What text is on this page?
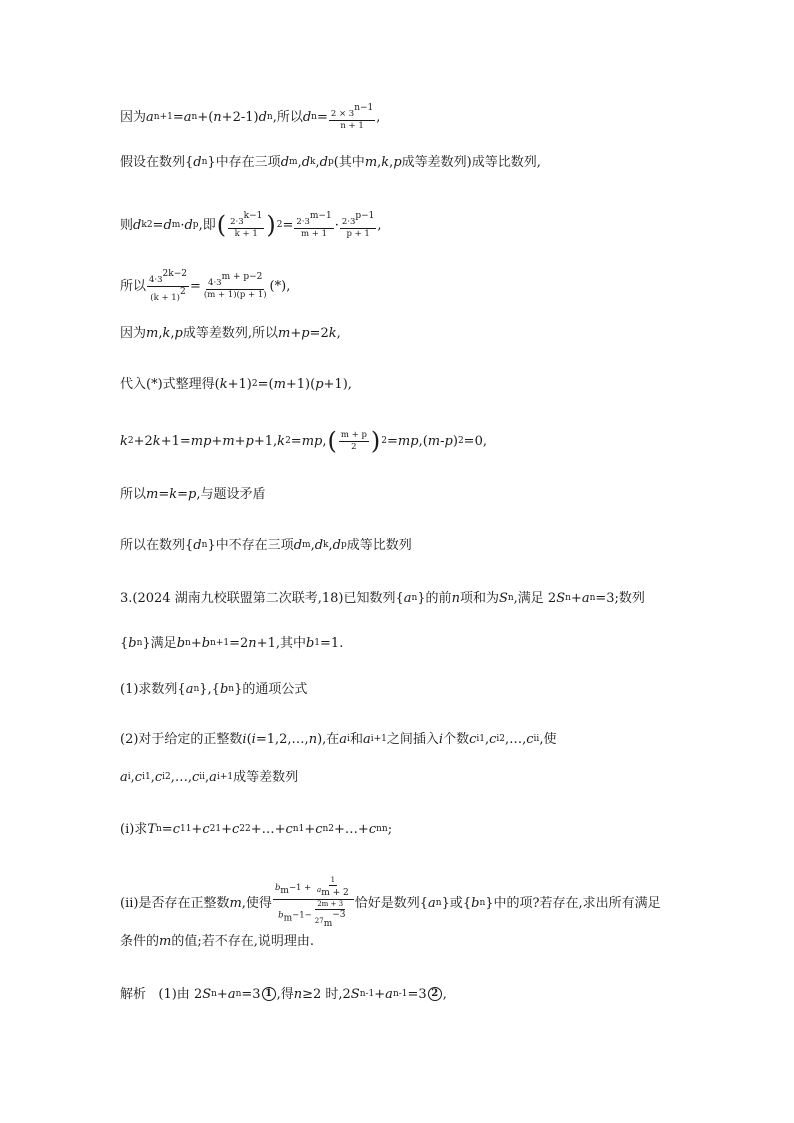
因为 a n+1 = a n +( n +2-1) d n ,所以 d $n = \frac{2 \times 3n-1}{n + 1}$ ,
假设在数列{ d n }中存在三项 d m , d k , d p (其中 m , k , p 成等差数列)成等比数列,
则 d k 2 = d m · d p ,即 ( $\frac{2\cdot 3k-1}{k + 1}$ ) $2 = \frac{2\cdot 3m-1}{m + 1} \cdot \frac{2\cdot 3p-1}{p + 1}$ ,
所以 $\frac{4\cdot 32k-2}{(k + 1)2} = \frac{4\cdot 3m + p-2}{(m + 1)(p + 1)}$ (*),
因为 m , k , p 成等差数列,所以 m + p =2 k ,
代入(*)式整理得( k +1) 2 =( m +1)( p +1),
k 2 +2 k +1= mp + m + p +1, k 2 = mp , ( $\frac{m + p}{2}$ ) 2 = mp ,( m - p ) 2 =0,
所以 m = k = p ,与题设矛盾
所以在数列{ d n }中不存在三项 d m , d k , d p 成等比数列
3.(2024 湖南九校联盟第二次联考,18)已知数列{ a n }的前 n 项和为 S n ,满足 2 S n + a n =3;数列
{ b n }满足 b n + b n+1 =2 n +1,其中 b 1 =1.
(1)求数列{ a n },{ b n }的通项公式
(2)对于给定的正整数 i ( i =1,2,…, n ),在 a i 和 a i+1 之间插入 i 个数 c i1 , c i2 ,…, c ii ,使
a i , c i1 , c i2 ,…, c ii , a i+1 成等差数列
(i)求 T n = c 11 + c 21 + c 22 +…+ c n1 + c n2 +…+ c nn ;
(ii)是否存在正整数 m ,使得 $\frac{bm-1 + \frac{1}{am + 2}}{bm-1- \frac{2m + 3}{27m-3}}$ 恰好是数列{ a n }或{ b n }中的项?若存在,求出所有满足
条件的 m 的值;若不存在,说明理由.
解析   (1)由 2 S n + a n =3 1 ,得 n ≥2 时,2 S n-1 + a n-1 =3 2 ,
